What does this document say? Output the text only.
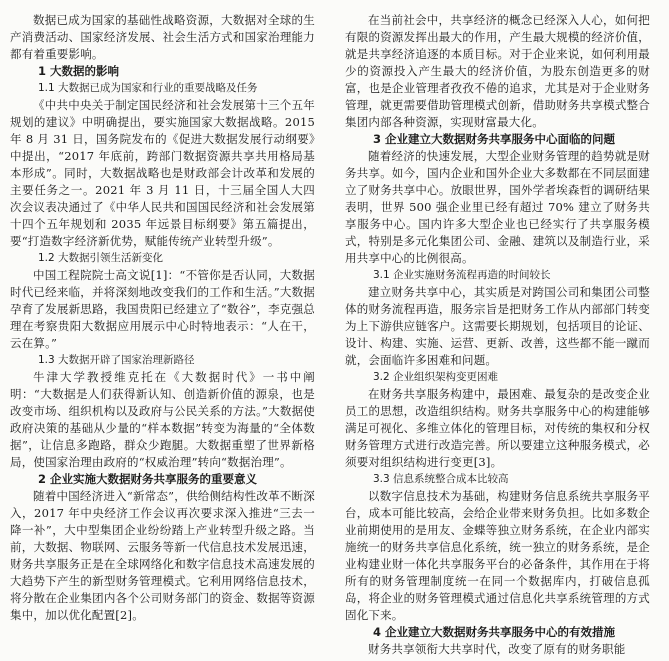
数据已成为国家的基础性战略资源，大数据对全球的生产消费活动、国家经济发展、社会生活方式和国家治理能力都有着重要影响。
1 大数据的影响
1.1 大数据已成为国家和行业的重要战略及任务
《中共中央关于制定国民经济和社会发展第十三个五年规划的建议》中明确提出，要实施国家大数据战略。2015 年 8 月 31 日，国务院发布的《促进大数据发展行动纲要》中提出，“2017 年底前，跨部门数据资源共享共用格局基本形成”。同时，大数据战略也是财政部会计改革和发展的主要任务之一。2021 年 3 月 11 日，十三届全国人大四次会议表决通过了《中华人民共和国国民经济和社会发展第十四个五年规划和 2035 年远景目标纲要》第五篇提出，要“打造数字经济新优势，赋能传统产业转型升级”。
1.2 大数据引领生活新变化
中国工程院院士高文说[1]：“不管你是否认同，大数据时代已经来临，并将深刻地改变我们的工作和生活。”大数据孕育了发展新思路，我国贵阳已经建立了“数谷”，李克强总理在考察贵阳大数据应用展示中心时特地表示：“人在干，云在算。”
1.3 大数据开辟了国家治理新路径
牛津大学教授维克托在《大数据时代》一书中阐明：“大数据是人们获得新认知、创造新价值的源泉，也是改变市场、组织机构以及政府与公民关系的方法。”大数据使政府决策的基础从少量的“样本数据”转变为海量的“全体数据”，让信息多跑路，群众少跑腿。大数据重塑了世界新格局，使国家治理由政府的“权威治理”转向“数据治理”。
2 企业实施大数据财务共享服务的重要意义
随着中国经济进入“新常态”，供给侧结构性改革不断深入，2017 年中央经济工作会议再次要求深入推进“三去一降一补”，大中型集团企业纷纷踏上产业转型升级之路。当前，大数据、物联网、云服务等新一代信息技术发展迅速，财务共享服务正是在全球网络化和数字信息技术高速发展的大趋势下产生的新型财务管理模式。它利用网络信息技术，将分散在企业集团内各个公司财务部门的资金、数据等资源集中，加以优化配置[2]。
在当前社会中，共享经济的概念已经深入人心，如何把有限的资源发挥出最大的作用，产生最大规模的经济价值，就是共享经济追逐的本质目标。对于企业来说，如何利用最少的资源投入产生最大的经济价值，为股东创造更多的财富，也是企业管理者孜孜不倦的追求，尤其是对于企业财务管理，就更需要借助管理模式创新，借助财务共享模式整合集团内部各种资源，实现财富最大化。
3 企业建立大数据财务共享服务中心面临的问题
随着经济的快速发展，大型企业财务管理的趋势就是财务共享。如今，国内企业和国外企业大多数都在不同层面建立了财务共享中心。放眼世界，国外学者埃森哲的调研结果表明，世界 500 强企业里已经有超过 70% 建立了财务共享服务中心。国内许多大型企业也已经实行了共享服务模式，特别是多元化集团公司、金融、建筑以及制造行业，采用共享中心的比例很高。
3.1 企业实施财务流程再造的时间较长
建立财务共享中心，其实质是对跨国公司和集团公司整体的财务流程再造，服务宗旨是把财务工作从内部部门转变为上下游供应链客户。这需要长期规划，包括项目的论证、设计、构建、实施、运营、更新、改善，这些都不能一蹴而就，会面临许多困难和问题。
3.2 企业组织架构变更困难
在财务共享服务构建中，最困难、最复杂的是改变企业员工的思想，改造组织结构。财务共享服务中心的构建能够满足可视化、多维立体化的管理目标，对传统的集权和分权财务管理方式进行改造完善。所以要建立这种服务模式，必须要对组织结构进行变更[3]。
3.3 信息系统整合成本比较高
以数字信息技术为基础，构建财务信息系统共享服务平台，成本可能比较高，会给企业带来财务负担。比如多数企业前期使用的是用友、金蝶等独立财务系统，在企业内部实施统一的财务共享信息化系统，统一独立的财务系统，是企业构建业财一体化共享服务平台的必备条件，其作用在于将所有的财务管理制度统一在同一个数据库内，打破信息孤岛，将企业的财务管理模式通过信息化共享系统管理的方式固化下来。
4 企业建立大数据财务共享服务中心的有效措施
财务共享领衔大共享时代，改变了原有的财务职能
